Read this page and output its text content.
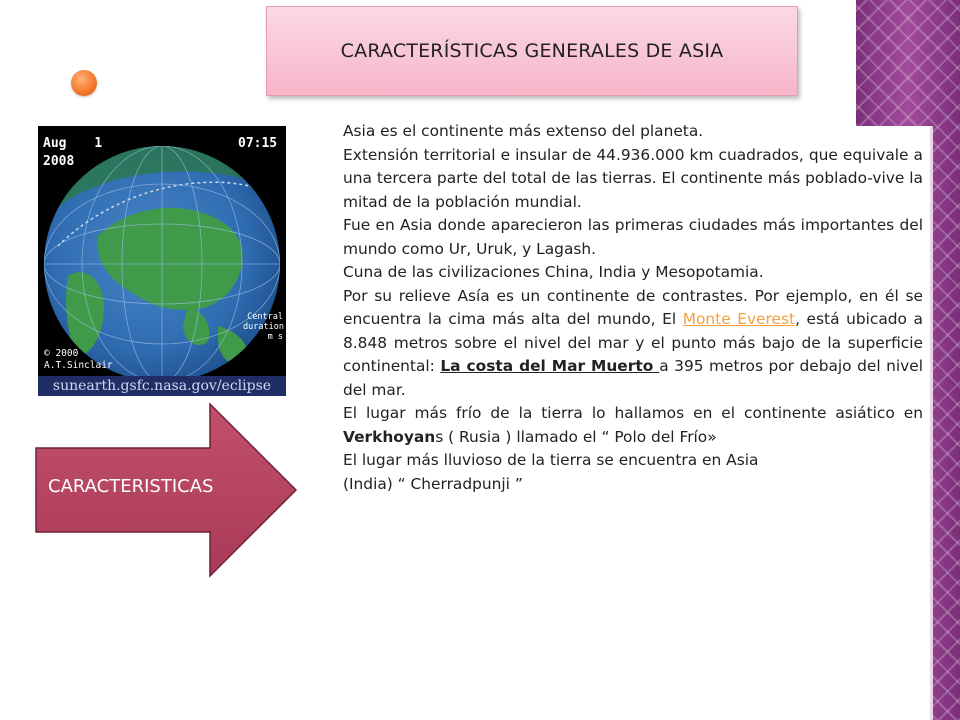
CARACTERÍSTICAS GENERALES DE ASIA
Aug 1
2008
07:15
© 2000
A.T.Sinclair
Central
duration
m s
sunearth.gsfc.nasa.gov/eclipse
CARACTERISTICAS

Asia es el continente más extenso del planeta.

Extensión territorial e insular de 44.936.000 km cuadrados, que equivale a una tercera parte del total de las tierras. El continente más poblado-vive la mitad de la población mundial.

Fue en Asia donde aparecieron las primeras ciudades más importantes del mundo como Ur, Uruk, y Lagash.

Cuna de las civilizaciones China, India y Mesopotamia.

Por su relieve Asía es un continente de contrastes. Por ejemplo, en él se encuentra la cima más alta del mundo, El Monte Everest, está ubicado a 8.848 metros sobre el nivel del mar y el punto más bajo de la superficie continental: La costa del Mar Muerto a 395 metros por debajo del nivel del mar.

El lugar más frío de la tierra lo hallamos en el continente asiático en Verkhoyans ( Rusia ) llamado el “ Polo del Frío»

El lugar más lluvioso de la tierra se encuentra en Asia

(India) “ Cherradpunji ”
